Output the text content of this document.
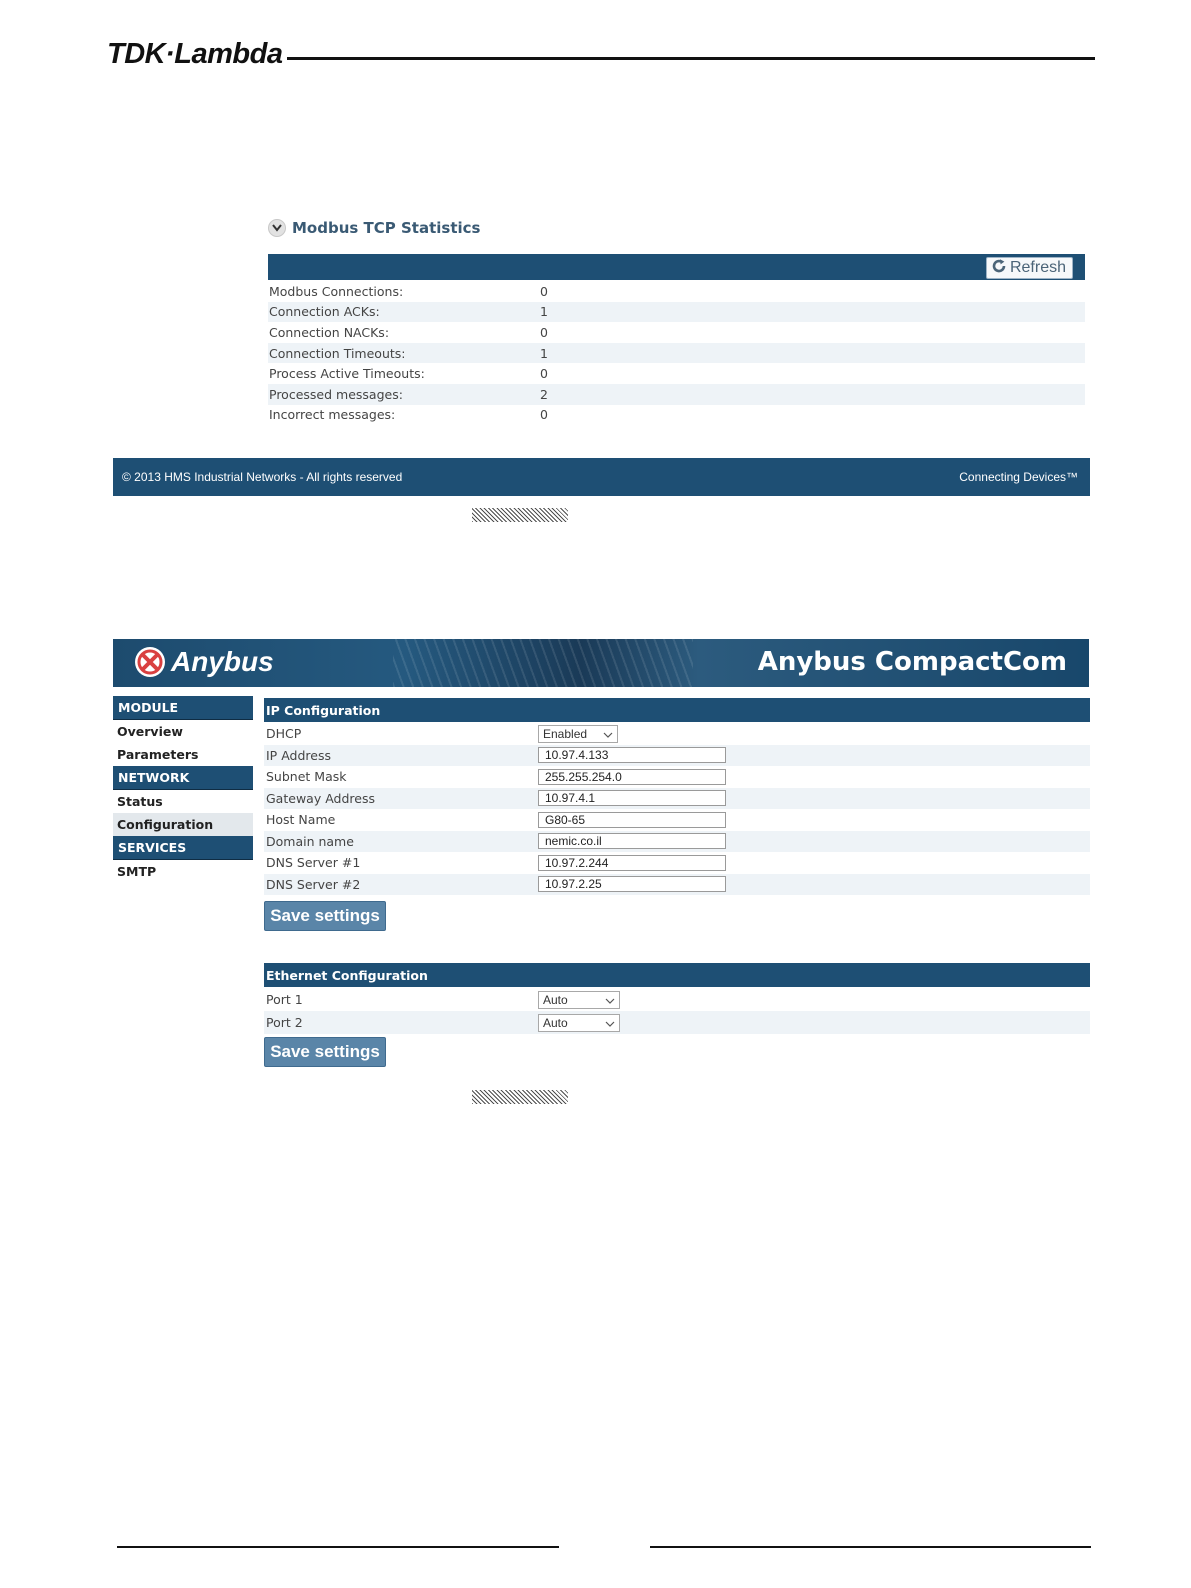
TDK·Lambda
Modbus TCP Statistics
Refresh
Modbus Connections:	0
Connection ACKs:	1
Connection NACKs:	0
Connection Timeouts:	1
Process Active Timeouts:	0
Processed messages:	2
Incorrect messages:	0
© 2013 HMS Industrial Networks - All rights reserved	Connecting Devices™
Anybus	Anybus CompactCom
MODULE
Overview
Parameters
NETWORK
Status
Configuration
SERVICES
SMTP
IP Configuration
DHCP	Enabled
IP Address	10.97.4.133
Subnet Mask	255.255.254.0
Gateway Address	10.97.4.1
Host Name	G80-65
Domain name	nemic.co.il
DNS Server #1	10.97.2.244
DNS Server #2	10.97.2.25
Save settings
Ethernet Configuration
Port 1	Auto
Port 2	Auto
Save settings
